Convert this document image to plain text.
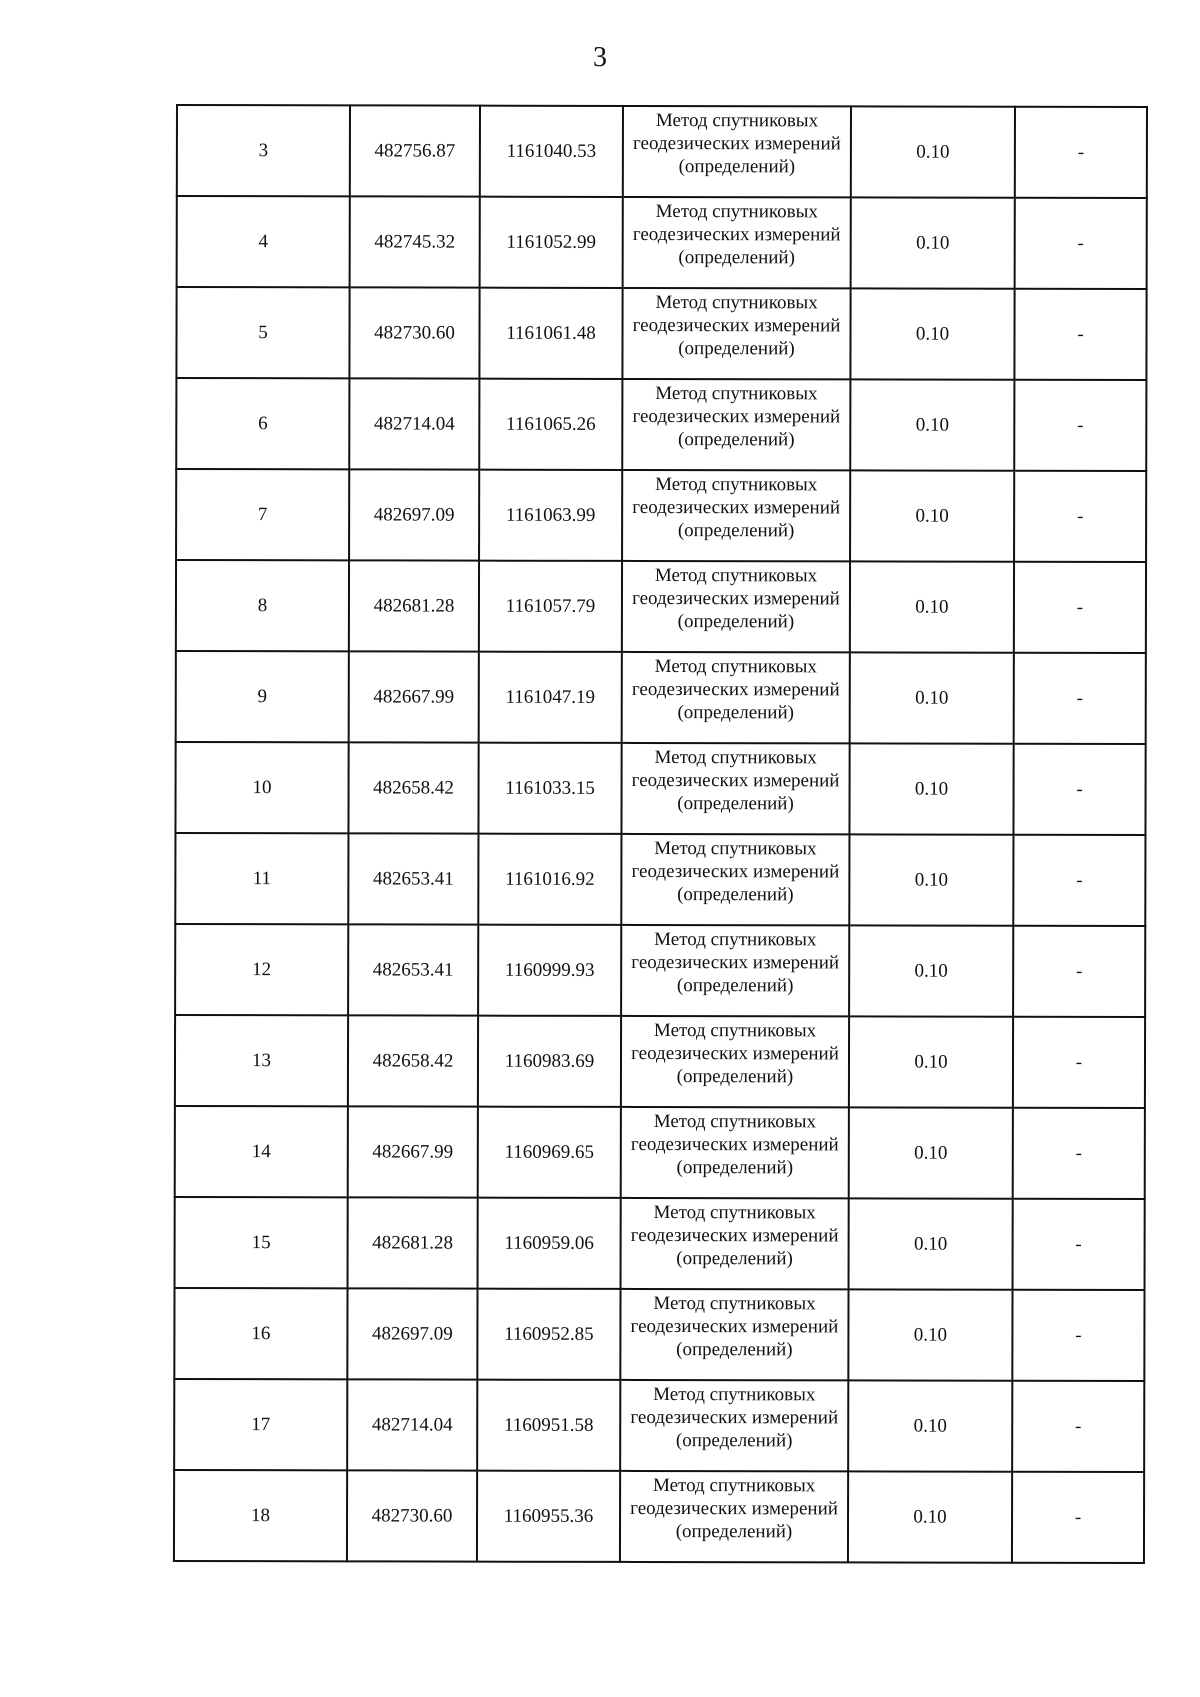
3
3	482756.87	1161040.53	Метод спутниковых геодезических измерений (определений)	0.10	-
4	482745.32	1161052.99	Метод спутниковых геодезических измерений (определений)	0.10	-
5	482730.60	1161061.48	Метод спутниковых геодезических измерений (определений)	0.10	-
6	482714.04	1161065.26	Метод спутниковых геодезических измерений (определений)	0.10	-
7	482697.09	1161063.99	Метод спутниковых геодезических измерений (определений)	0.10	-
8	482681.28	1161057.79	Метод спутниковых геодезических измерений (определений)	0.10	-
9	482667.99	1161047.19	Метод спутниковых геодезических измерений (определений)	0.10	-
10	482658.42	1161033.15	Метод спутниковых геодезических измерений (определений)	0.10	-
11	482653.41	1161016.92	Метод спутниковых геодезических измерений (определений)	0.10	-
12	482653.41	1160999.93	Метод спутниковых геодезических измерений (определений)	0.10	-
13	482658.42	1160983.69	Метод спутниковых геодезических измерений (определений)	0.10	-
14	482667.99	1160969.65	Метод спутниковых геодезических измерений (определений)	0.10	-
15	482681.28	1160959.06	Метод спутниковых геодезических измерений (определений)	0.10	-
16	482697.09	1160952.85	Метод спутниковых геодезических измерений (определений)	0.10	-
17	482714.04	1160951.58	Метод спутниковых геодезических измерений (определений)	0.10	-
18	482730.60	1160955.36	Метод спутниковых геодезических измерений (определений)	0.10	-
